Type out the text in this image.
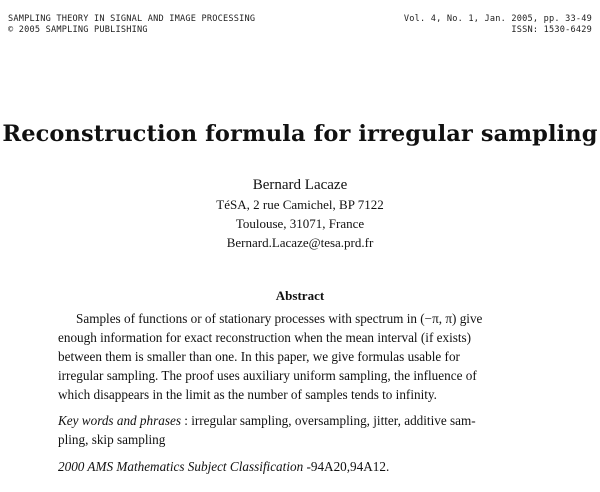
SAMPLING THEORY IN SIGNAL AND IMAGE PROCESSING
© 2005 SAMPLING PUBLISHING
Vol. 4, No. 1, Jan. 2005, pp. 33-49
ISSN: 1530-6429
Reconstruction formula for irregular sampling
Bernard Lacaze
TéSA, 2 rue Camichel, BP 7122
Toulouse, 31071, France
Bernard.Lacaze@tesa.prd.fr
Abstract
Samples of functions or of stationary processes with spectrum in (−π, π) give
enough information for exact reconstruction when the mean interval (if exists)
between them is smaller than one. In this paper, we give formulas usable for
irregular sampling. The proof uses auxiliary uniform sampling, the influence of
which disappears in the limit as the number of samples tends to infinity.
Key words and phrases : irregular sampling, oversampling, jitter, additive sam-
pling, skip sampling
2000 AMS Mathematics Subject Classification -94A20,94A12.
